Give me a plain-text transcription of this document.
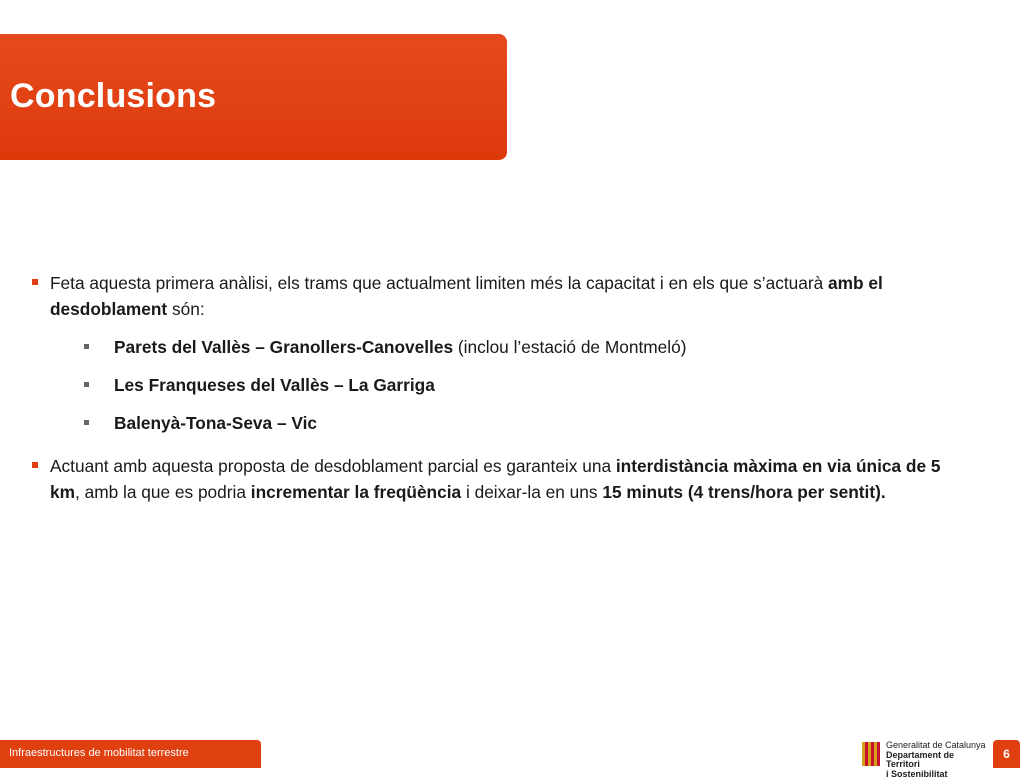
Conclusions
Feta aquesta primera anàlisi, els trams que actualment limiten més la capacitat i en els que s’actuarà amb el desdoblament són:
Parets del Vallès – Granollers-Canovelles (inclou l’estació de Montmeló)
Les Franqueses del Vallès – La Garriga
Balenyà-Tona-Seva – Vic
Actuant amb aquesta proposta de desdoblament parcial es garanteix una interdistància màxima en via única de 5 km, amb la que es podria incrementar la freqüència i deixar-la en uns 15 minuts (4 trens/hora per sentit).
Infraestructures de mobilitat terrestre
Generalitat de Catalunya
Departament de Territori
i Sostenibilitat
6
